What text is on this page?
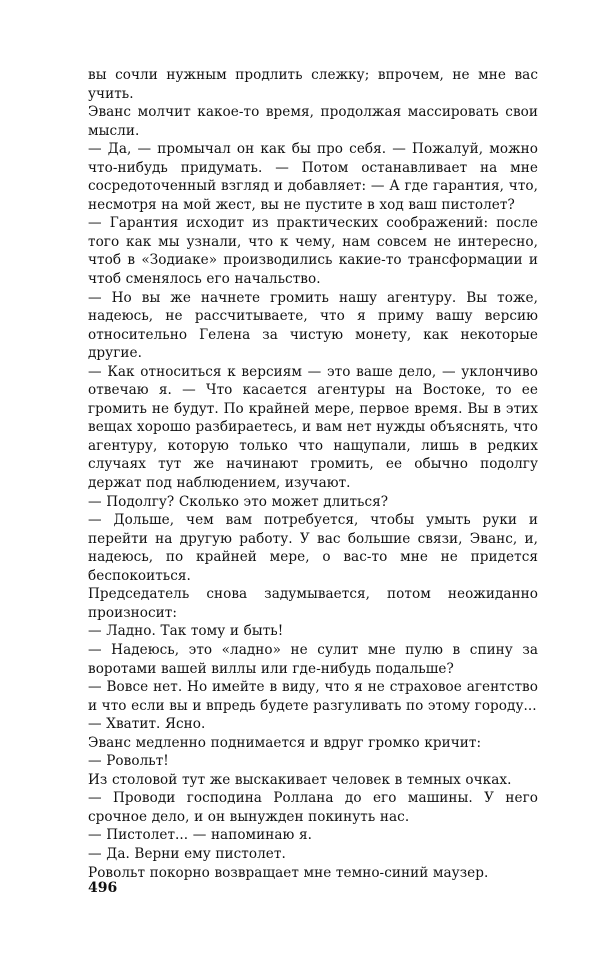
вы сочли нужным продлить слежку; впрочем, не мне вас учить.

Эванс молчит какое-то время, продолжая массировать свои мысли.

— Да, — промычал он как бы про себя. — Пожалуй, можно что-нибудь придумать. — Потом останавливает на мне сосредоточенный взгляд и добавляет: — А где гарантия, что, несмотря на мой жест, вы не пустите в ход ваш пистолет?

— Гарантия исходит из практических соображений: после того как мы узнали, что к чему, нам совсем не интересно, чтоб в «Зодиаке» производились какие-то трансформации и чтоб сменялось его начальство.

— Но вы же начнете громить нашу агентуру. Вы тоже, надеюсь, не рассчитываете, что я приму вашу версию относительно Гелена за чистую монету, как некоторые другие.

— Как относиться к версиям — это ваше дело, — уклончиво отвечаю я. — Что касается агентуры на Востоке, то ее громить не будут. По крайней мере, первое время. Вы в этих вещах хорошо разбираетесь, и вам нет нужды объяснять, что агентуру, которую только что нащупали, лишь в редких случаях тут же начинают громить, ее обычно подолгу держат под наблюдением, изучают.

— Подолгу? Сколько это может длиться?

— Дольше, чем вам потребуется, чтобы умыть руки и перейти на другую работу. У вас большие связи, Эванс, и, надеюсь, по крайней мере, о вас-то мне не придется беспокоиться.

Председатель снова задумывается, потом неожиданно произносит:

— Ладно. Так тому и быть!

— Надеюсь, это «ладно» не сулит мне пулю в спину за воротами вашей виллы или где-нибудь подальше?

— Вовсе нет. Но имейте в виду, что я не страховое агентство и что если вы и впредь будете разгуливать по этому городу...

— Хватит. Ясно.

Эванс медленно поднимается и вдруг громко кричит:

— Ровольт!

Из столовой тут же выскакивает человек в темных очках.

— Проводи господина Роллана до его машины. У него срочное дело, и он вынужден покинуть нас.

— Пистолет... — напоминаю я.

— Да. Верни ему пистолет.

Ровольт покорно возвращает мне темно-синий маузер.

496
